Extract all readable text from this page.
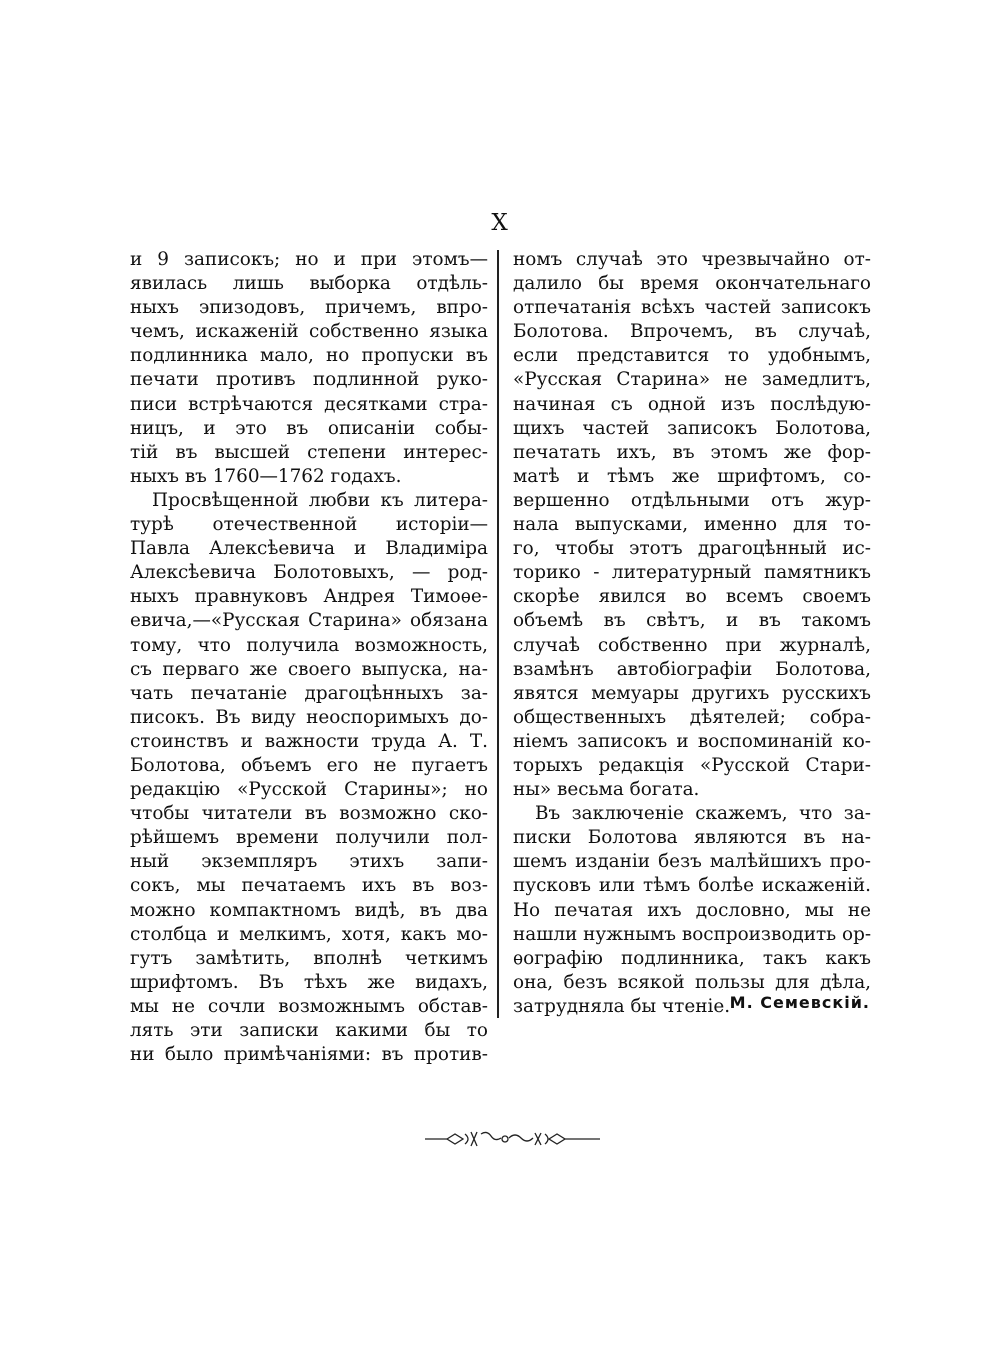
X
и 9 записокъ; но и при этомъ—
явилась лишь выборка отдѣль-
ныхъ эпизодовъ, причемъ, впро-
чемъ, искаженій собственно языка
подлинника мало, но пропуски въ
печати противъ подлинной руко-
писи встрѣчаются десятками стра-
ницъ, и это въ описаніи собы-
тій въ высшей степени интерес-
ныхъ въ 1760—1762 годахъ.
Просвѣщенной любви къ литера-
турѣ отечественной исторіи—
Павла Алексѣевича и Владиміра
Алексѣевича Болотовыхъ, — род-
ныхъ правнуковъ Андрея Тимоѳе-
евича,—«Русская Старина» обязана
тому, что получила возможность,
съ перваго же своего выпуска, на-
чать печатаніе драгоцѣнныхъ за-
писокъ. Въ виду неоспоримыхъ до-
стоинствъ и важности труда А. Т.
Болотова, объемъ его не пугаетъ
редакцію «Русской Старины»; но
чтобы читатели въ возможно ско-
рѣйшемъ времени получили пол-
ный экземпляръ этихъ запи-
сокъ, мы печатаемъ ихъ въ воз-
можно компактномъ видѣ, въ два
столбца и мелкимъ, хотя, какъ мо-
гутъ замѣтить, вполнѣ четкимъ
шрифтомъ. Въ тѣхъ же видахъ,
мы не сочли возможнымъ обстав-
лять эти записки какими бы то
ни было примѣчаніями: въ против-
номъ случаѣ это чрезвычайно от-
далило бы время окончательнаго
отпечатанія всѣхъ частей записокъ
Болотова. Впрочемъ, въ случаѣ,
если представится то удобнымъ,
«Русская Старина» не замедлитъ,
начиная съ одной изъ послѣдую-
щихъ частей записокъ Болотова,
печатать ихъ, въ этомъ же фор-
матѣ и тѣмъ же шрифтомъ, со-
вершенно отдѣльными отъ жур-
нала выпусками, именно для то-
го, чтобы этотъ драгоцѣнный ис-
торико - литературный памятникъ
скорѣе явился во всемъ своемъ
объемѣ въ свѣтъ, и въ такомъ
случаѣ собственно при журналѣ,
взамѣнъ автобіографіи Болотова,
явятся мемуары другихъ русскихъ
общественныхъ дѣятелей; собра-
ніемъ записокъ и воспоминаній ко-
торыхъ редакція «Русской Стари-
ны» весьма богата.
Въ заключеніе скажемъ, что за-
писки Болотова являются въ на-
шемъ изданіи безъ малѣйшихъ про-
пусковъ или тѣмъ болѣе искаженій.
Но печатая ихъ дословно, мы не
нашли нужнымъ воспроизводить ор-
ѳографію подлинника, такъ какъ
она, безъ всякой пользы для дѣла,
затрудняла бы чтеніе. М. Семевскій.
